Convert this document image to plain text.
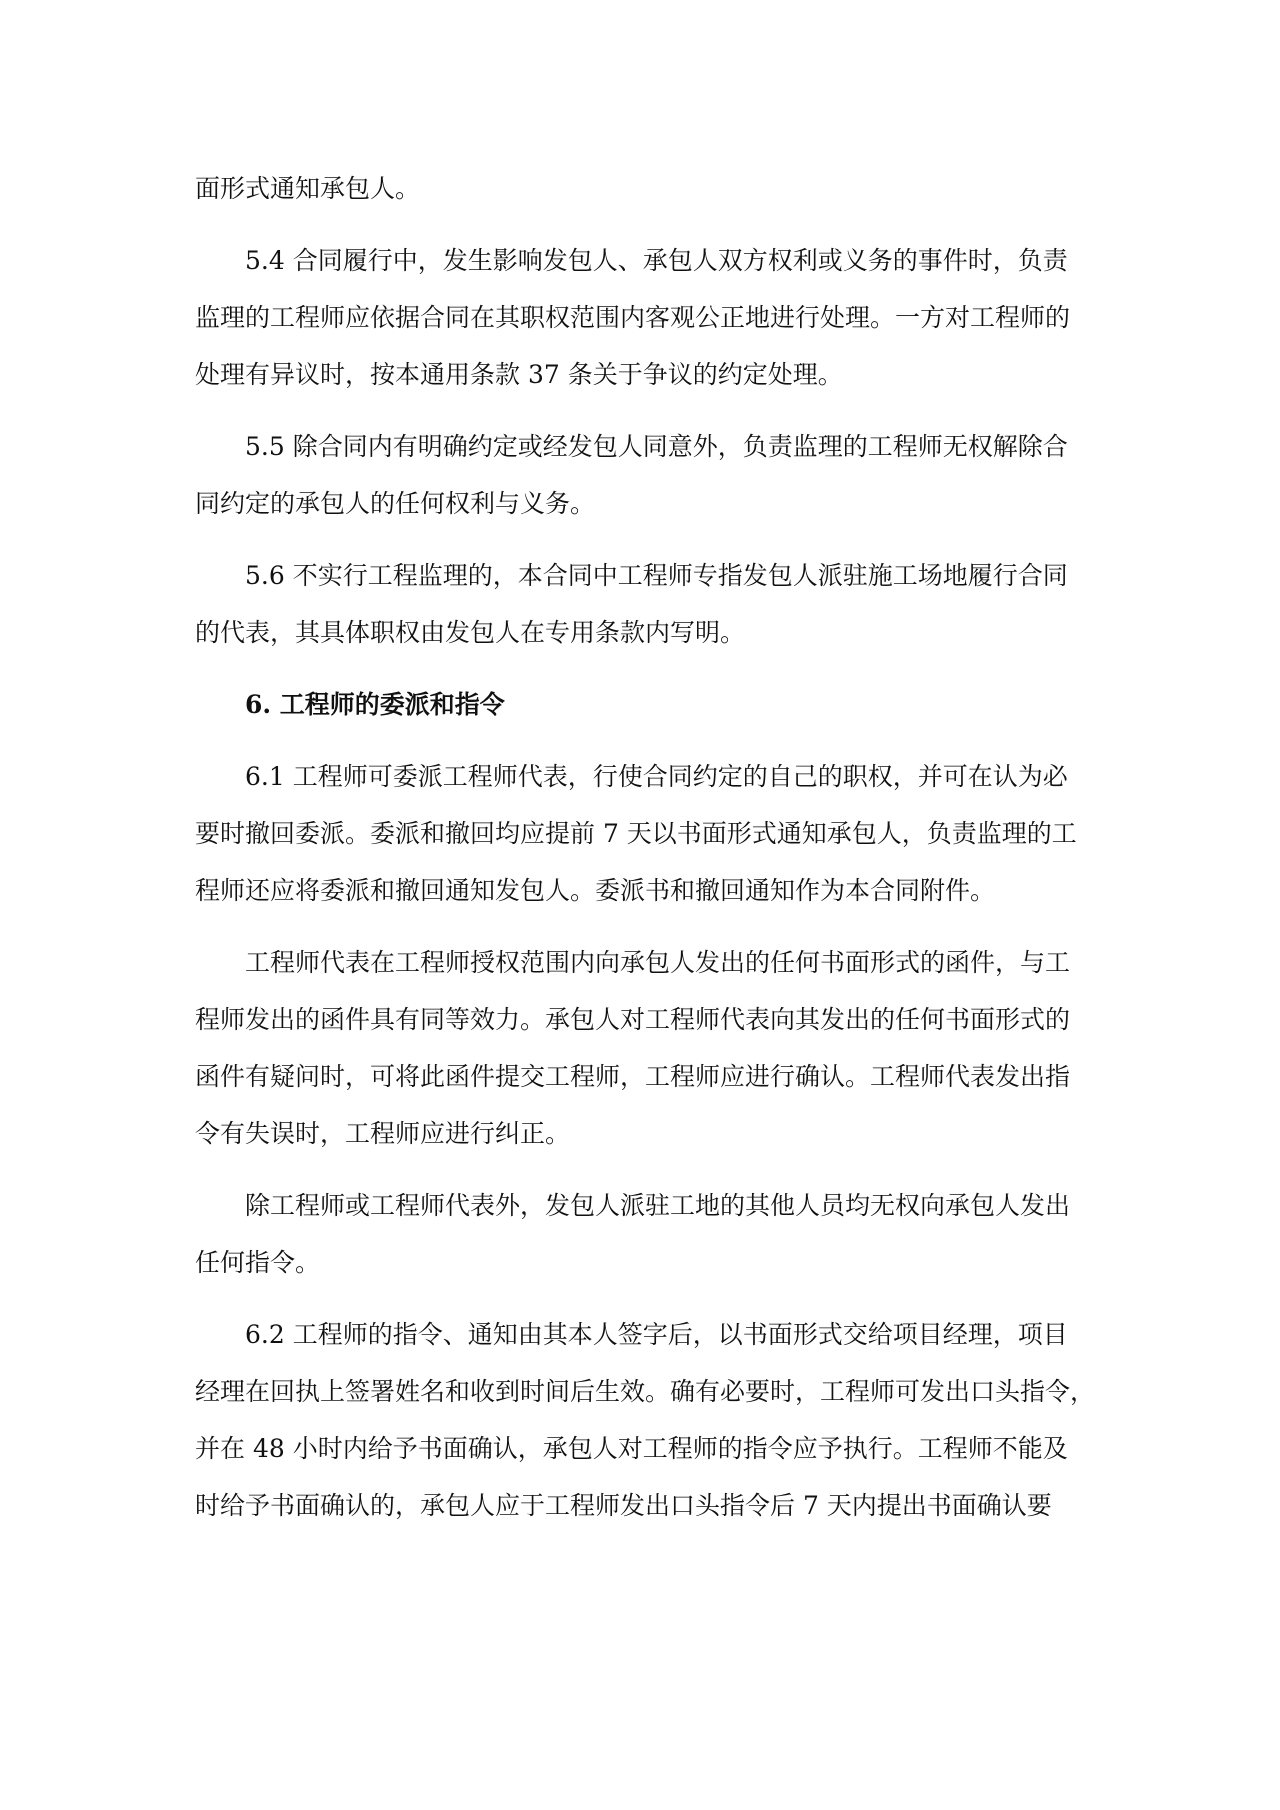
面形式通知承包人。

5.4 合同履行中，发生影响发包人、承包人双方权利或义务的事件时，负责

监理的工程师应依据合同在其职权范围内客观公正地进行处理。一方对工程师的

处理有异议时，按本通用条款 37 条关于争议的约定处理。

5.5 除合同内有明确约定或经发包人同意外，负责监理的工程师无权解除合

同约定的承包人的任何权利与义务。

5.6 不实行工程监理的，本合同中工程师专指发包人派驻施工场地履行合同

的代表，其具体职权由发包人在专用条款内写明。

6. 工程师的委派和指令

6.1 工程师可委派工程师代表，行使合同约定的自己的职权，并可在认为必

要时撤回委派。委派和撤回均应提前 7 天以书面形式通知承包人，负责监理的工

程师还应将委派和撤回通知发包人。委派书和撤回通知作为本合同附件。

工程师代表在工程师授权范围内向承包人发出的任何书面形式的函件，与工

程师发出的函件具有同等效力。承包人对工程师代表向其发出的任何书面形式的

函件有疑问时，可将此函件提交工程师，工程师应进行确认。工程师代表发出指

令有失误时，工程师应进行纠正。

除工程师或工程师代表外，发包人派驻工地的其他人员均无权向承包人发出

任何指令。

6.2 工程师的指令、通知由其本人签字后，以书面形式交给项目经理，项目

经理在回执上签署姓名和收到时间后生效。确有必要时，工程师可发出口头指令，

并在 48 小时内给予书面确认，承包人对工程师的指令应予执行。工程师不能及

时给予书面确认的，承包人应于工程师发出口头指令后 7 天内提出书面确认要
